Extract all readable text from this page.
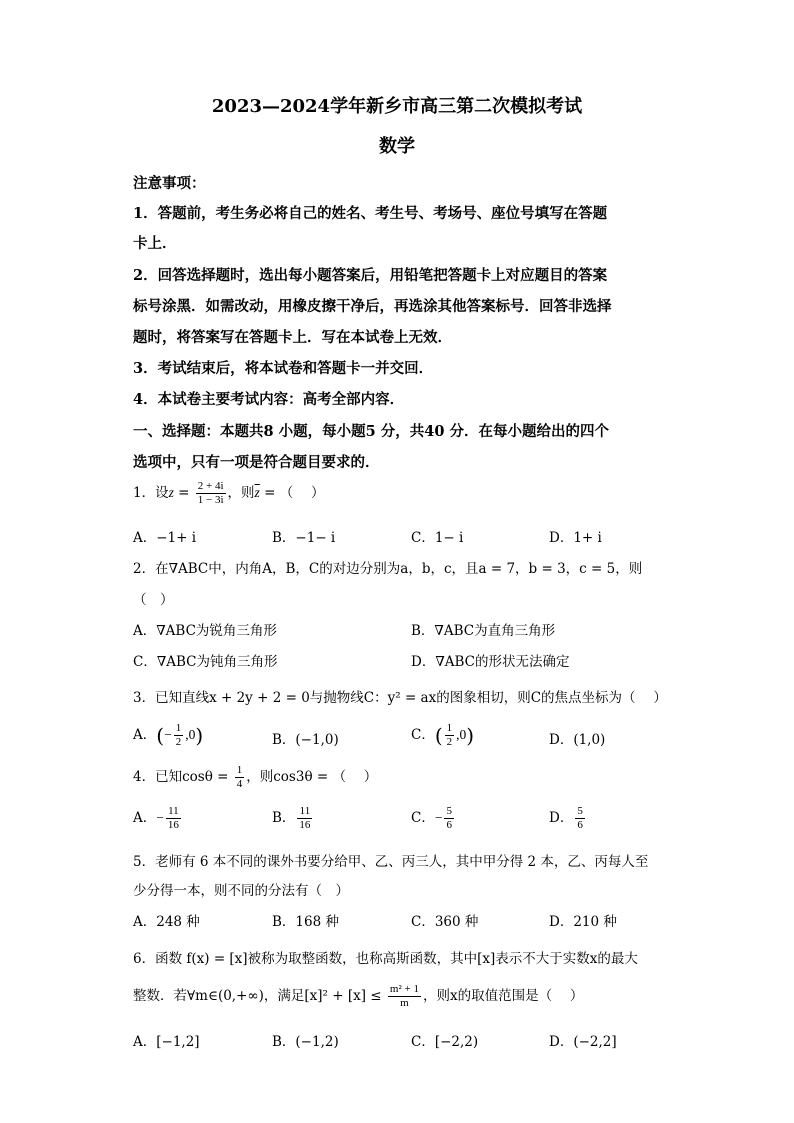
2023—2024学年新乡市高三第二次模拟考试
数学
注意事项：
1．答题前，考生务必将自己的姓名、考生号、考场号、座位号填写在答题
卡上．
2．回答选择题时，选出每小题答案后，用铅笔把答题卡上对应题目的答案
标号涂黑．如需改动，用橡皮擦干净后，再选涂其他答案标号．回答非选择
题时，将答案写在答题卡上．写在本试卷上无效．
3．考试结束后，将本试卷和答题卡一并交回．
4．本试卷主要考试内容：高考全部内容．
一、选择题：本题共8 小题，每小题5 分，共40 分．在每小题给出的四个
选项中，只有一项是符合题目要求的．
1．设$z = \frac{2 + 4i}{1 - 3i}$ ，则$\overline{z}$ = （　 ）
A．−1+ i	B．−1− i	C．1− i	D．1+ i
2．在∇ABC中，内角A，B，C的对边分别为a，b，c，且a = 7，b = 3，c = 5，则
（　）
A．∇ABC为锐角三角形	B．∇ABC为直角三角形
C．∇ABC为钝角三角形	D．∇ABC的形状无法确定
3．已知直线x + 2y + 2 = 0与抛物线C：y² = ax的图象相切，则C的焦点坐标为（　 ）
A．(− $\frac{1}{2} ,0$)	B．(−1,0)	C．( $\frac{1}{2} ,0$)	D．(1,0)
4．已知$\cos\theta = \frac{1}{4}$ ，则cos3θ = （　 ）
A．− $\frac{11}{16}$	B． $\frac{11}{16}$	C．− $\frac{5}{6}$	D． $\frac{5}{6}$
5．老师有 6 本不同的课外书要分给甲、乙、丙三人，其中甲分得 2 本，乙、丙每人至
少分得一本，则不同的分法有（　）
A．248 种	B．168 种	C．360 种	D．210 种
6．函数 f(x) = [x]被称为取整函数，也称高斯函数，其中[x]表示不大于实数x的最大
整数．若∀m∈(0,+∞)，满足$[x]^2 + [x] \le \frac{\text{m² + 1}}{m}$ ，则x的取值范围是（　 ）
A．[−1,2]	B．(−1,2)	C．[−2,2)	D．(−2,2]
